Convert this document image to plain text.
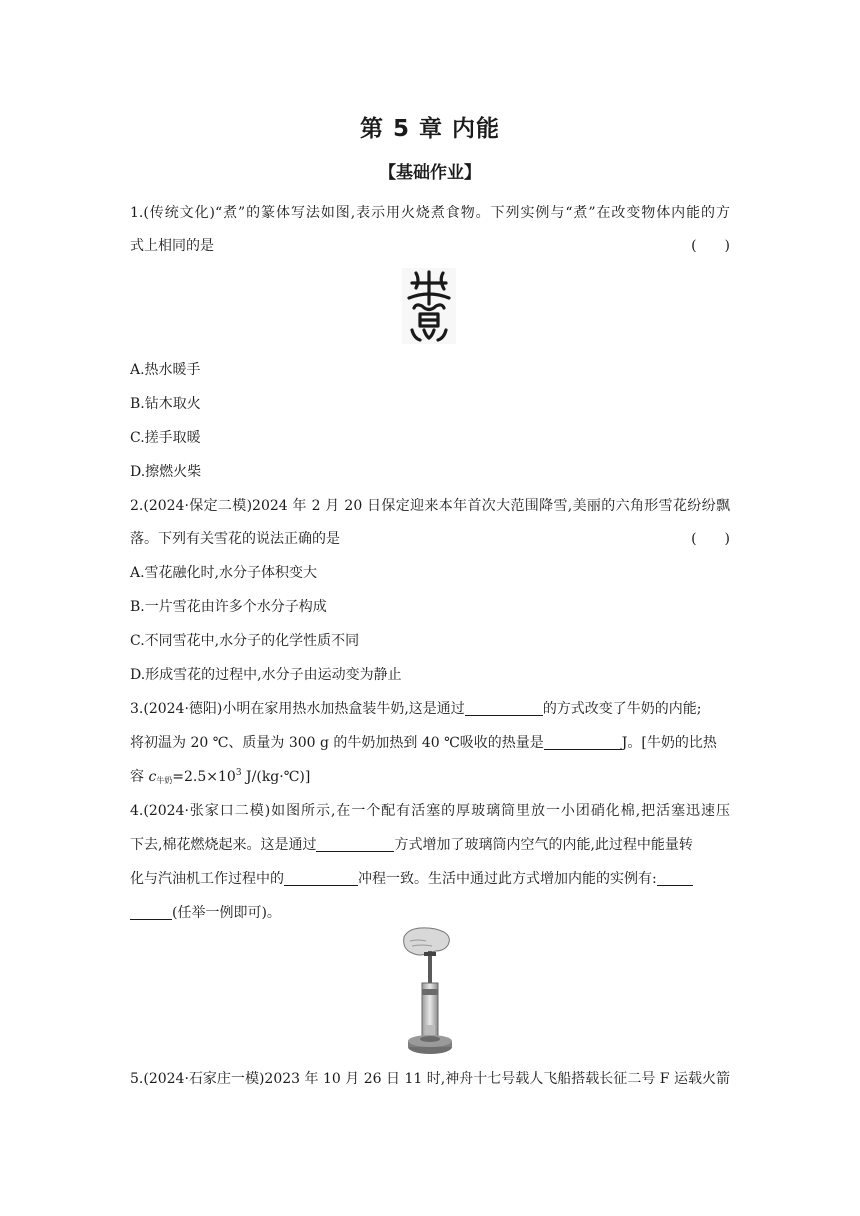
第 5 章 内能
【基础作业】
1.(传统文化)“煮”的篆体写法如图,表示用火烧煮食物。下列实例与“煮”在改变物体内能的方
式上相同的是	(　　)
A.热水暖手
B.钻木取火
C.搓手取暖
D.擦燃火柴
2.(2024·保定二模)2024 年 2 月 20 日保定迎来本年首次大范围降雪,美丽的六角形雪花纷纷飘
落。下列有关雪花的说法正确的是	(　　)
A.雪花融化时,水分子体积变大
B.一片雪花由许多个水分子构成
C.不同雪花中,水分子的化学性质不同
D.形成雪花的过程中,水分子由运动变为静止
3.(2024·德阳)小明在家用热水加热盒装牛奶,这是通过	的方式改变了牛奶的内能;
将初温为 20 ℃、质量为 300 g 的牛奶加热到 40 ℃吸收的热量是	J。[牛奶的比热
容 $c_{牛奶}=2.5\times 10^3$ J/(kg·℃)]
4.(2024·张家口二模)如图所示,在一个配有活塞的厚玻璃筒里放一小团硝化棉,把活塞迅速压
下去,棉花燃烧起来。这是通过	方式增加了玻璃筒内空气的内能,此过程中能量转
化与汽油机工作过程中的	冲程一致。生活中通过此方式增加内能的实例有:
(任举一例即可)。
5.(2024·石家庄一模)2023 年 10 月 26 日 11 时,神舟十七号载人飞船搭载长征二号 F 运载火箭
